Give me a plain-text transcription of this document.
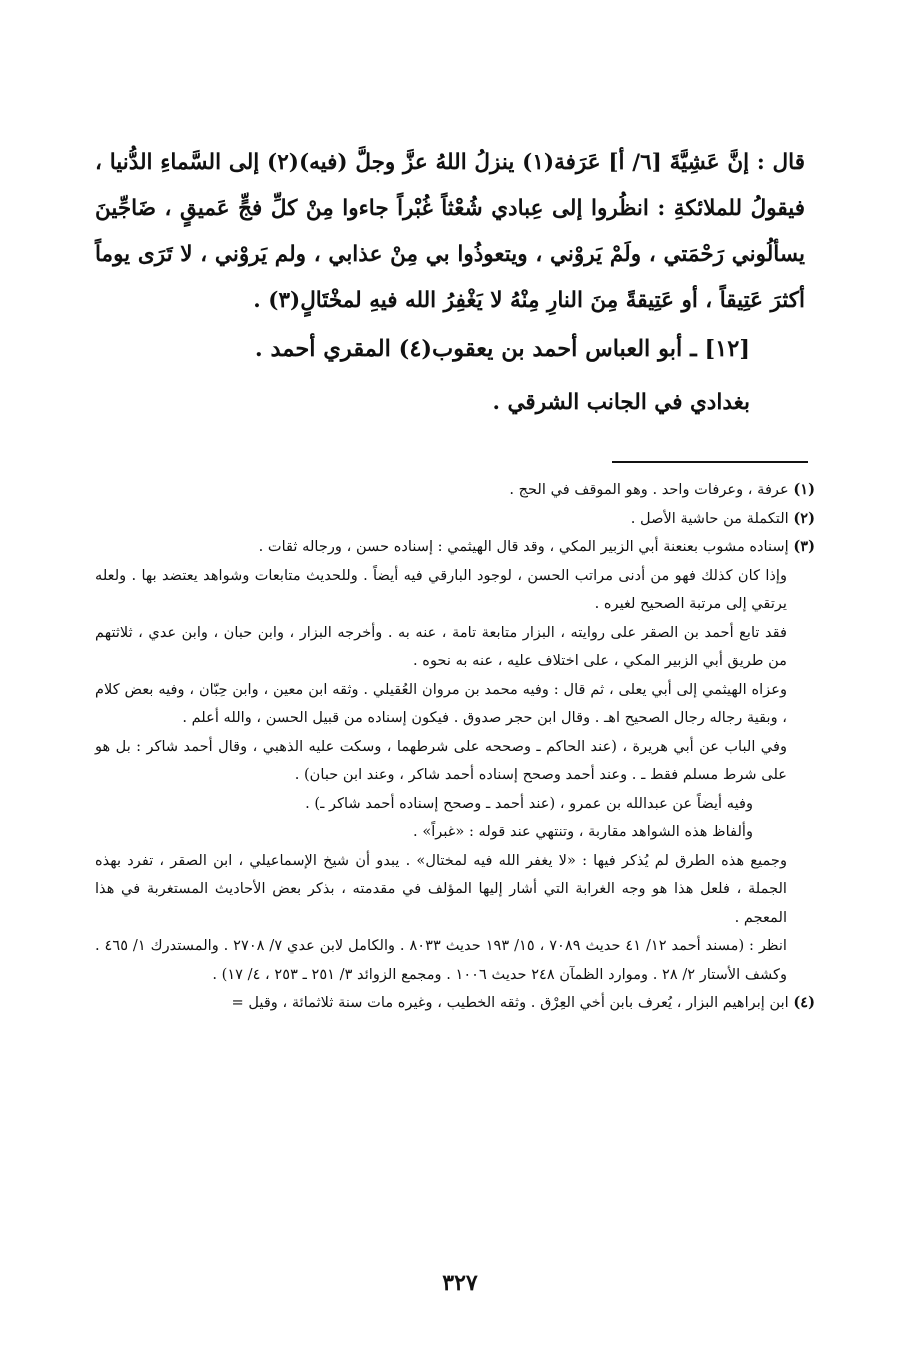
قال : إنَّ عَشِيَّةَ [٦/ أ] عَرَفة(١) ينزلُ اللهُ عزَّ وجلَّ (فيه)(٢) إلى السَّماءِ الدُّنيا ، فيقولُ للملائكةِ : انظُروا إلى عِبادي شُعْثاً غُبْراً جاءوا مِنْ كلِّ فجٍّ عَميقٍ ، ضَاجِّينَ يسألُوني رَحْمَتي ، ولَمْ يَروْني ، ويتعوذُوا بي مِنْ عذابي ، ولم يَروْني ، لا تَرَى يوماً أكثرَ عَتِيقاً ، أو عَتِيقةً مِنَ النارِ مِنْهُ لا يَغْفِرُ الله فيهِ لمخْتَالٍ(٣) .

[١٢] ـ أبو العباس أحمد بن يعقوب(٤) المقري أحمد .

بغدادي في الجانب الشرقي .

(١) عرفة ، وعرفات واحد . وهو الموقف في الحج .

(٢) التكملة من حاشية الأصل .

(٣) إسناده مشوب بعنعنة أبي الزبير المكي ، وقد قال الهيثمي : إسناده حسن ، ورجاله ثقات .

وإذا كان كذلك فهو من أدنى مراتب الحسن ، لوجود البارقي فيه أيضاً . وللحديث متابعات وشواهد يعتضد بها . ولعله يرتقي إلى مرتبة الصحيح لغيره .

فقد تابع أحمد بن الصقر على روايته ، البزار متابعة تامة ، عنه به . وأخرجه البزار ، وابن حبان ، وابن عدي ، ثلاثتهم من طريق أبي الزبير المكي ، على اختلاف عليه ، عنه به نحوه .

وعزاه الهيثمي إلى أبي يعلى ، ثم قال : وفيه محمد بن مروان العُقيلي . وثقه ابن معين ، وابن حِبّان ، وفيه بعض كلام ، وبقية رجاله رجال الصحيح اهـ . وقال ابن حجر صدوق . فيكون إسناده من قبيل الحسن ، والله أعلم .

وفي الباب عن أبي هريرة ، (عند الحاكم ـ وصححه على شرطهما ، وسكت عليه الذهبي ، وقال أحمد شاكر : بل هو على شرط مسلم فقط ـ . وعند أحمد وصحح إسناده أحمد شاكر ، وعند ابن حبان) .

وفيه أيضاً عن عبدالله بن عمرو ، (عند أحمد ـ وصحح إسناده أحمد شاكر ـ) .

وألفاظ هذه الشواهد مقاربة ، وتنتهي عند قوله : «غبراً» .

وجميع هذه الطرق لم يُذكر فيها : «لا يغفر الله فيه لمختال» . يبدو أن شيخ الإسماعيلي ، ابن الصقر ، تفرد بهذه الجملة ، فلعل هذا هو وجه الغرابة التي أشار إليها المؤلف في مقدمته ، بذكر بعض الأحاديث المستغربة في هذا المعجم .

انظر : (مسند أحمد ١٢/ ٤١ حديث ٧٠٨٩ ، ١٥/ ١٩٣ حديث ٨٠٣٣ . والكامل لابن عدي ٧/ ٢٧٠٨ . والمستدرك ١/ ٤٦٥ . وكشف الأستار ٢/ ٢٨ . وموارد الظمآن ٢٤٨ حديث ١٠٠٦ . ومجمع الزوائد ٣/ ٢٥١ ـ ٢٥٣ ، ٤/ ١٧) .

(٤) ابن إبراهيم البزار ، يُعرف بابن أخي العِرْق . وثقه الخطيب ، وغيره مات سنة ثلاثمائة ، وقيل =

٣٢٧
